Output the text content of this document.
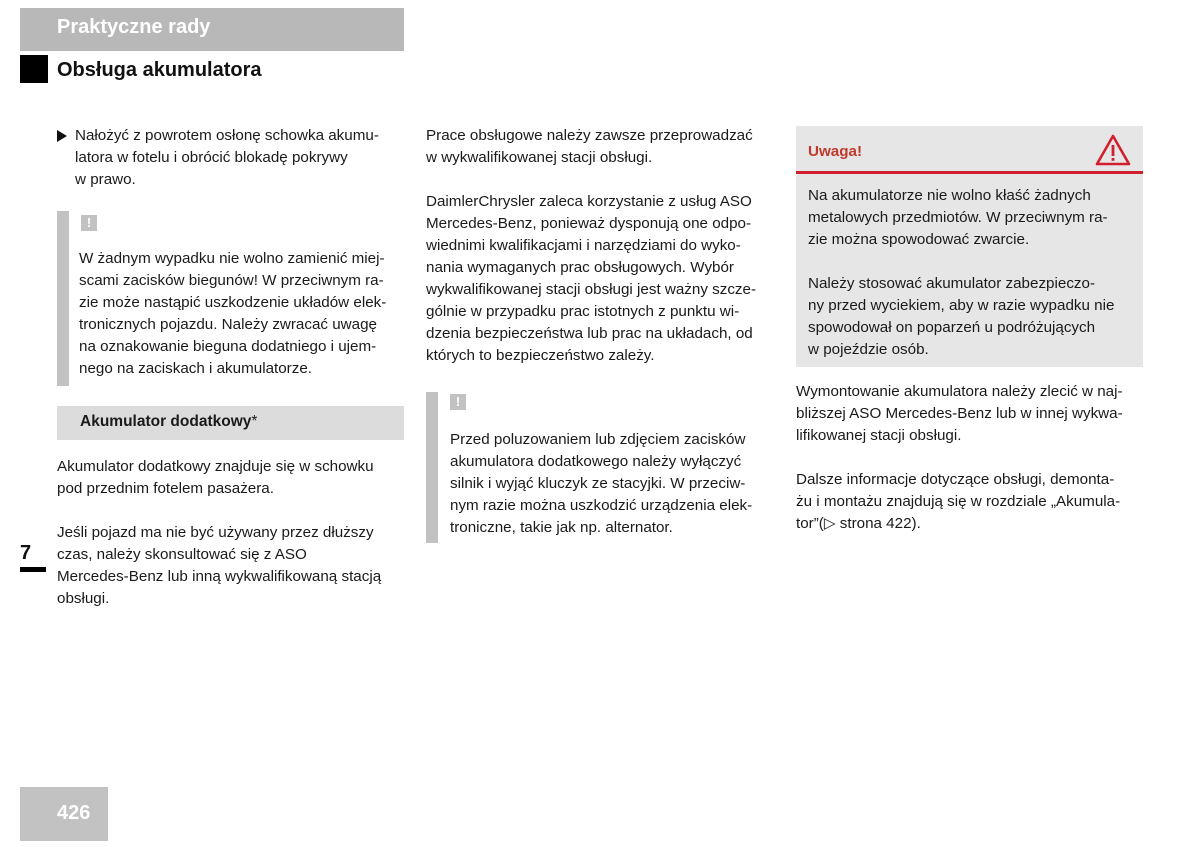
Praktyczne rady
Obsługa akumulatora

Nałożyć z powrotem osłonę schowka akumu-
latora w fotelu i obrócić blokadę pokrywy
w prawo.

!

W żadnym wypadku nie wolno zamienić miej-
scami zacisków biegunów! W przeciwnym ra-
zie może nastąpić uszkodzenie układów elek-
tronicznych pojazdu. Należy zwracać uwagę
na oznakowanie bieguna dodatniego i ujem-
nego na zaciskach i akumulatorze.

Akumulator dodatkowy*

Akumulator dodatkowy znajduje się w schowku
pod przednim fotelem pasażera.

Jeśli pojazd ma nie być używany przez dłuższy
czas, należy skonsultować się z ASO
Mercedes-Benz lub inną wykwalifikowaną stacją
obsługi.

Prace obsługowe należy zawsze przeprowadzać
w wykwalifikowanej stacji obsługi.

DaimlerChrysler zaleca korzystanie z usług ASO
Mercedes-Benz, ponieważ dysponują one odpo-
wiednimi kwalifikacjami i narzędziami do wyko-
nania wymaganych prac obsługowych. Wybór
wykwalifikowanej stacji obsługi jest ważny szcze-
gólnie w przypadku prac istotnych z punktu wi-
dzenia bezpieczeństwa lub prac na układach, od
których to bezpieczeństwo zależy.

!

Przed poluzowaniem lub zdjęciem zacisków
akumulatora dodatkowego należy wyłączyć
silnik i wyjąć kluczyk ze stacyjki. W przeciw-
nym razie można uszkodzić urządzenia elek-
troniczne, takie jak np. alternator.

Uwaga!

Na akumulatorze nie wolno kłaść żadnych
metalowych przedmiotów. W przeciwnym ra-
zie można spowodować zwarcie.

Należy stosować akumulator zabezpieczo-
ny przed wyciekiem, aby w razie wypadku nie
spowodował on poparzeń u podróżujących
w pojeździe osób.

Wymontowanie akumulatora należy zlecić w naj-
bliższej ASO Mercedes-Benz lub w innej wykwa-
lifikowanej stacji obsługi.

Dalsze informacje dotyczące obsługi, demonta-
żu i montażu znajdują się w rozdziale „Akumula-
tor”(▷ strona 422).

7
426
